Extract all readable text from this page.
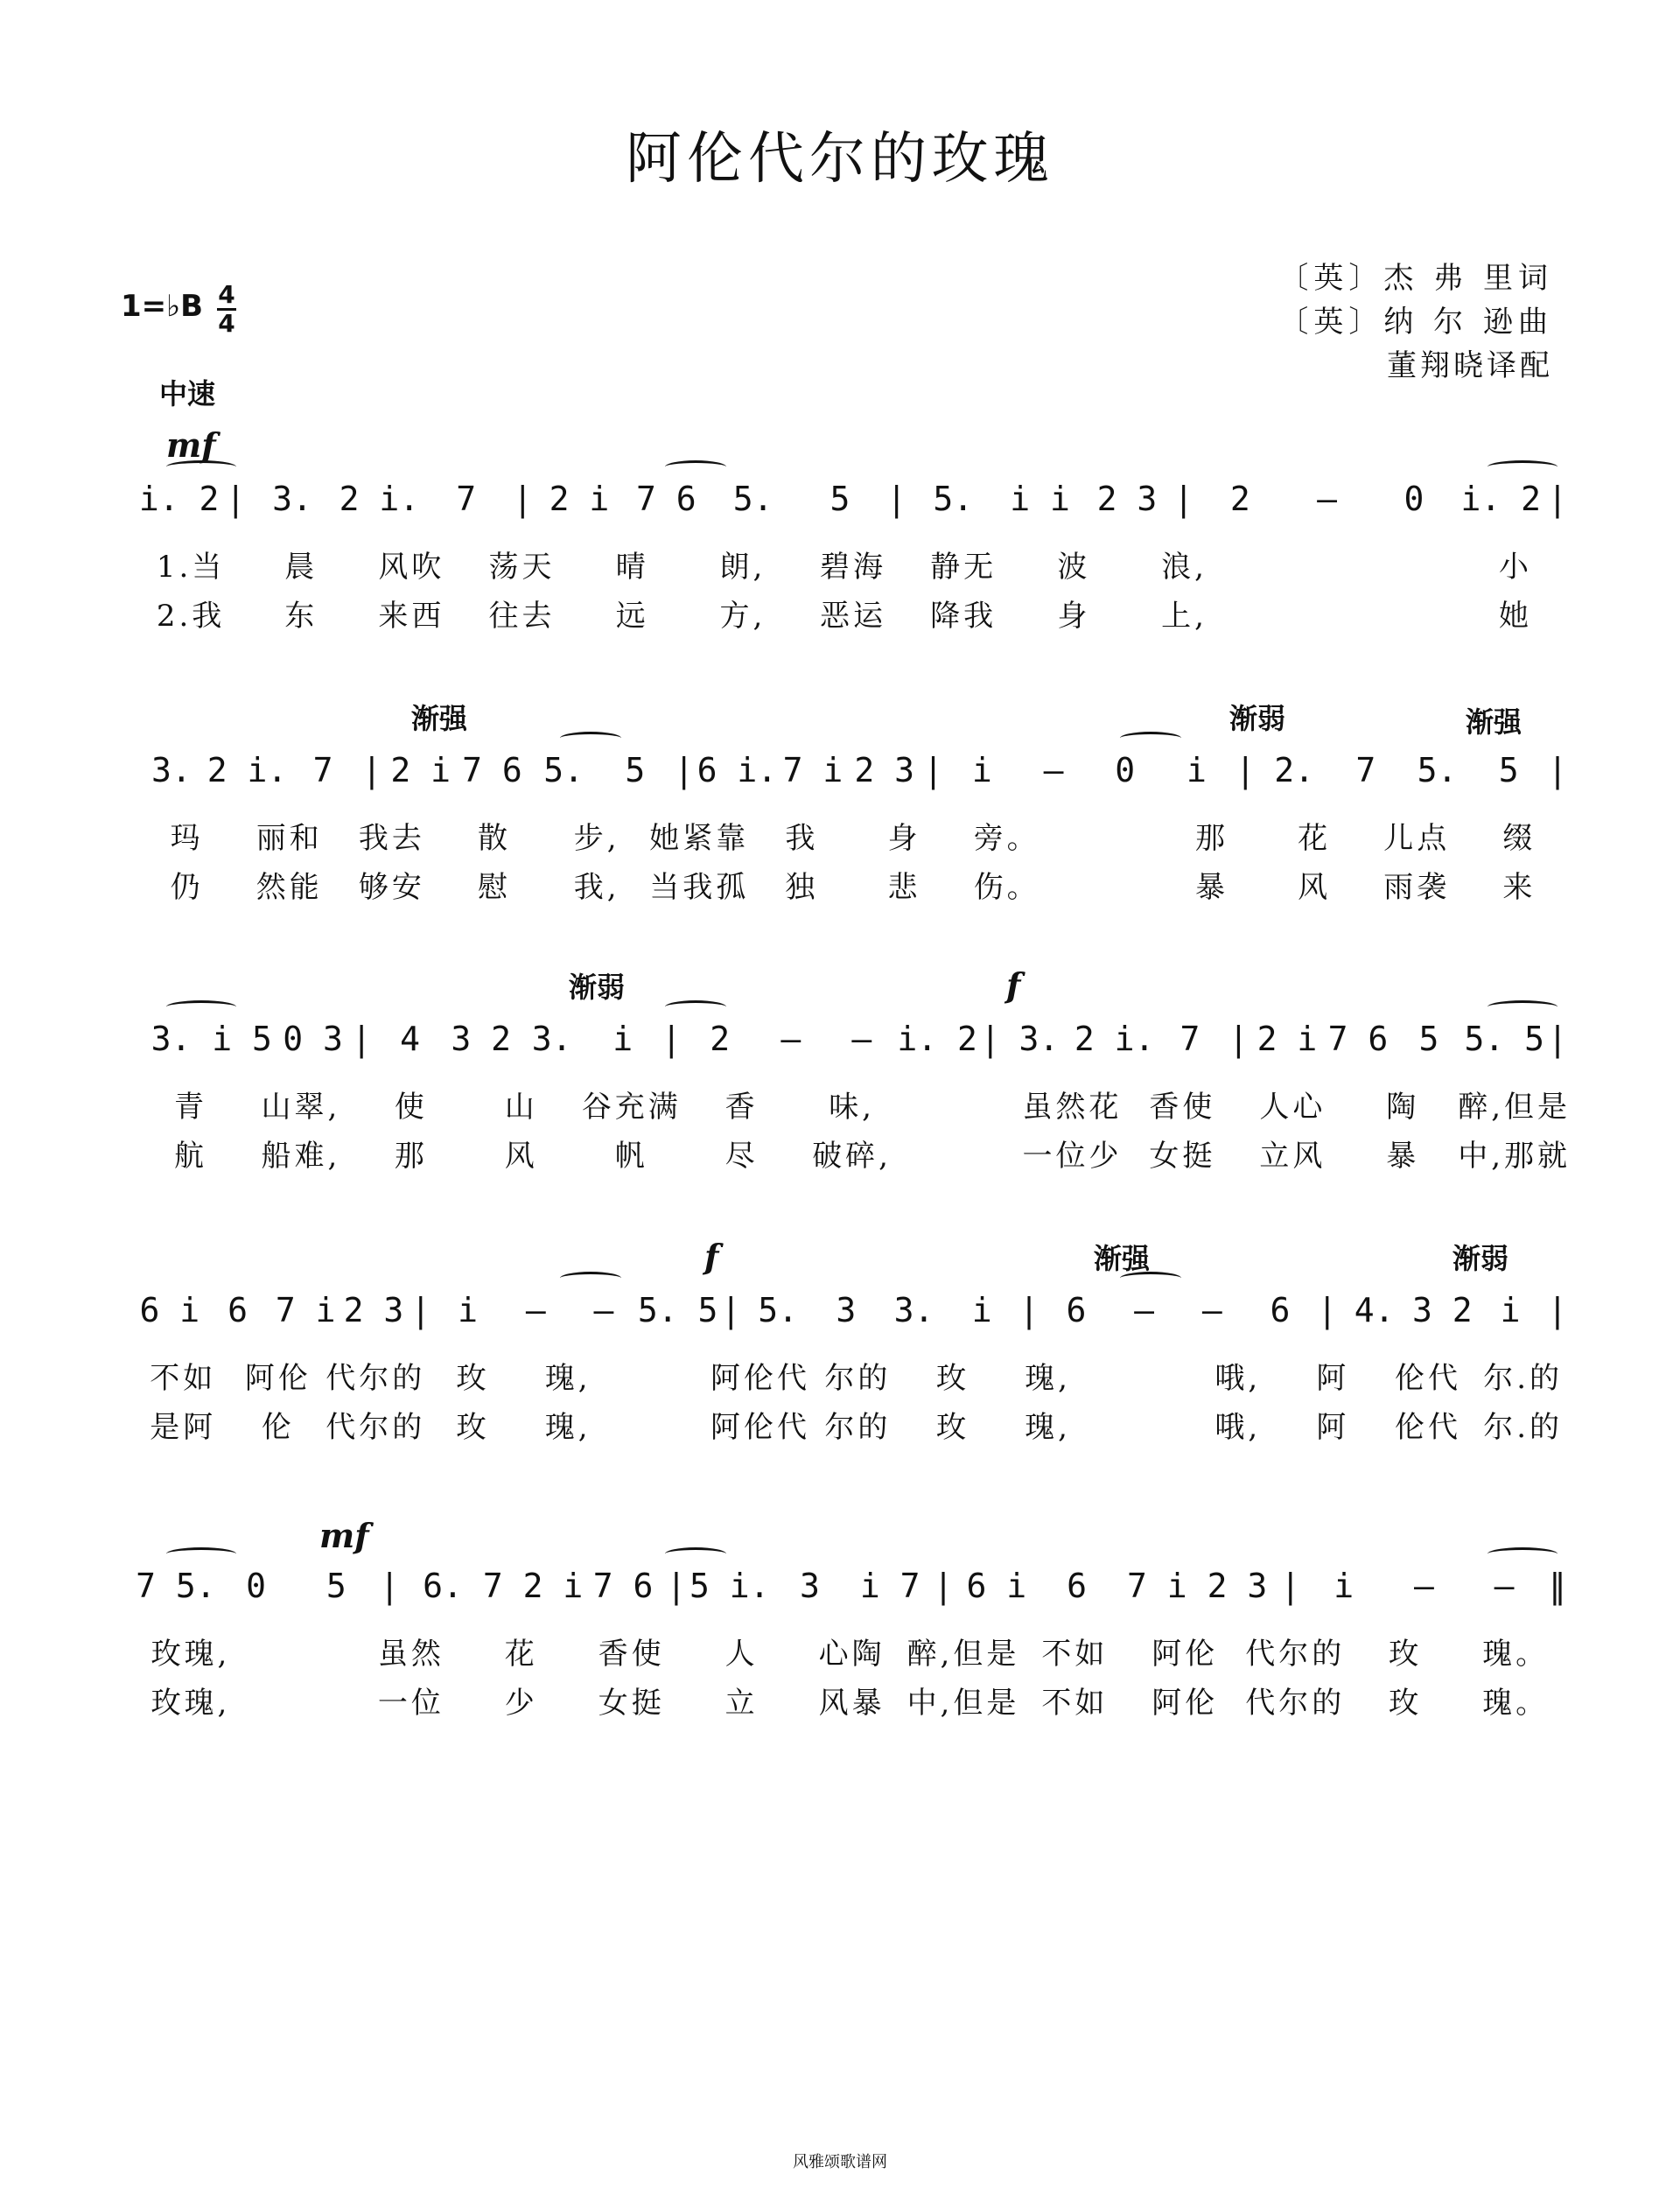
阿伦代尔的玫瑰
〔英〕杰 弗 里词
〔英〕纳 尔 逊曲
董翔晓译配
1=♭B 4
4
中速
mf
i. 2 | 3. 2 i.	7	| 2 i 7 6	5.	5	| 5.	i i 2 3 |	2	–	0	i. 2 |
1.当	晨	风吹	荡天	晴	朗,	碧海	静无	波	浪,	小
2.我	东	来西	往去	远	方,	恶运	降我	身	上,	她
渐强	渐弱	渐强
3. 2 i. 7	| 2 i 7 6 5.	5	| 6 i. 7 i 2 3 | i	–	0	i	| 2.	7	5.	5	|
玛	丽和	我去	散	步, 她紧靠	我	身	旁。	那	花	儿点	缀
仍	然能	够安	慰	我, 当我孤	独	悲	伤。	暴	风	雨袭	来
渐弱	f
3. i 5 0 3 | 4 3 2 3.	i | 2	–	– i. 2 | 3. 2 i. 7 | 2 i 7 6 5 5. 5 |
青	山翠,	使	山	谷充满	香	味,	虽然花 香使	人心	陶	醉,但是
航	船难,	那	风	帆	尽	破碎,	一位少 女挺	立风	暴	中,那就
f	渐强	渐弱
6 i 6 7 i 2 3 | i	–	– 5. 5 | 5.	3	3.	i | 6	–	–	6 | 4. 3 2 i |
不如 阿伦 代尔的	玫	瑰,	阿伦代 尔的	玫	瑰,	哦,	阿	伦代 尔.的
是阿	伦	代尔的	玫	瑰,	阿伦代 尔的	玫	瑰,	哦,	阿	伦代 尔.的
mf
7 5. 0	5	| 6. 7 2 i 7 6 | 5 i. 3	i 7 | 6 i	6	7 i 2 3 |	i	–	–	‖
玫瑰,	虽然	花	香使	人	心陶 醉,但是 不如	阿伦 代尔的	玫	瑰。
玫瑰,	一位	少	女挺	立	风暴 中,但是 不如	阿伦 代尔的	玫	瑰。
风雅颂歌谱网
